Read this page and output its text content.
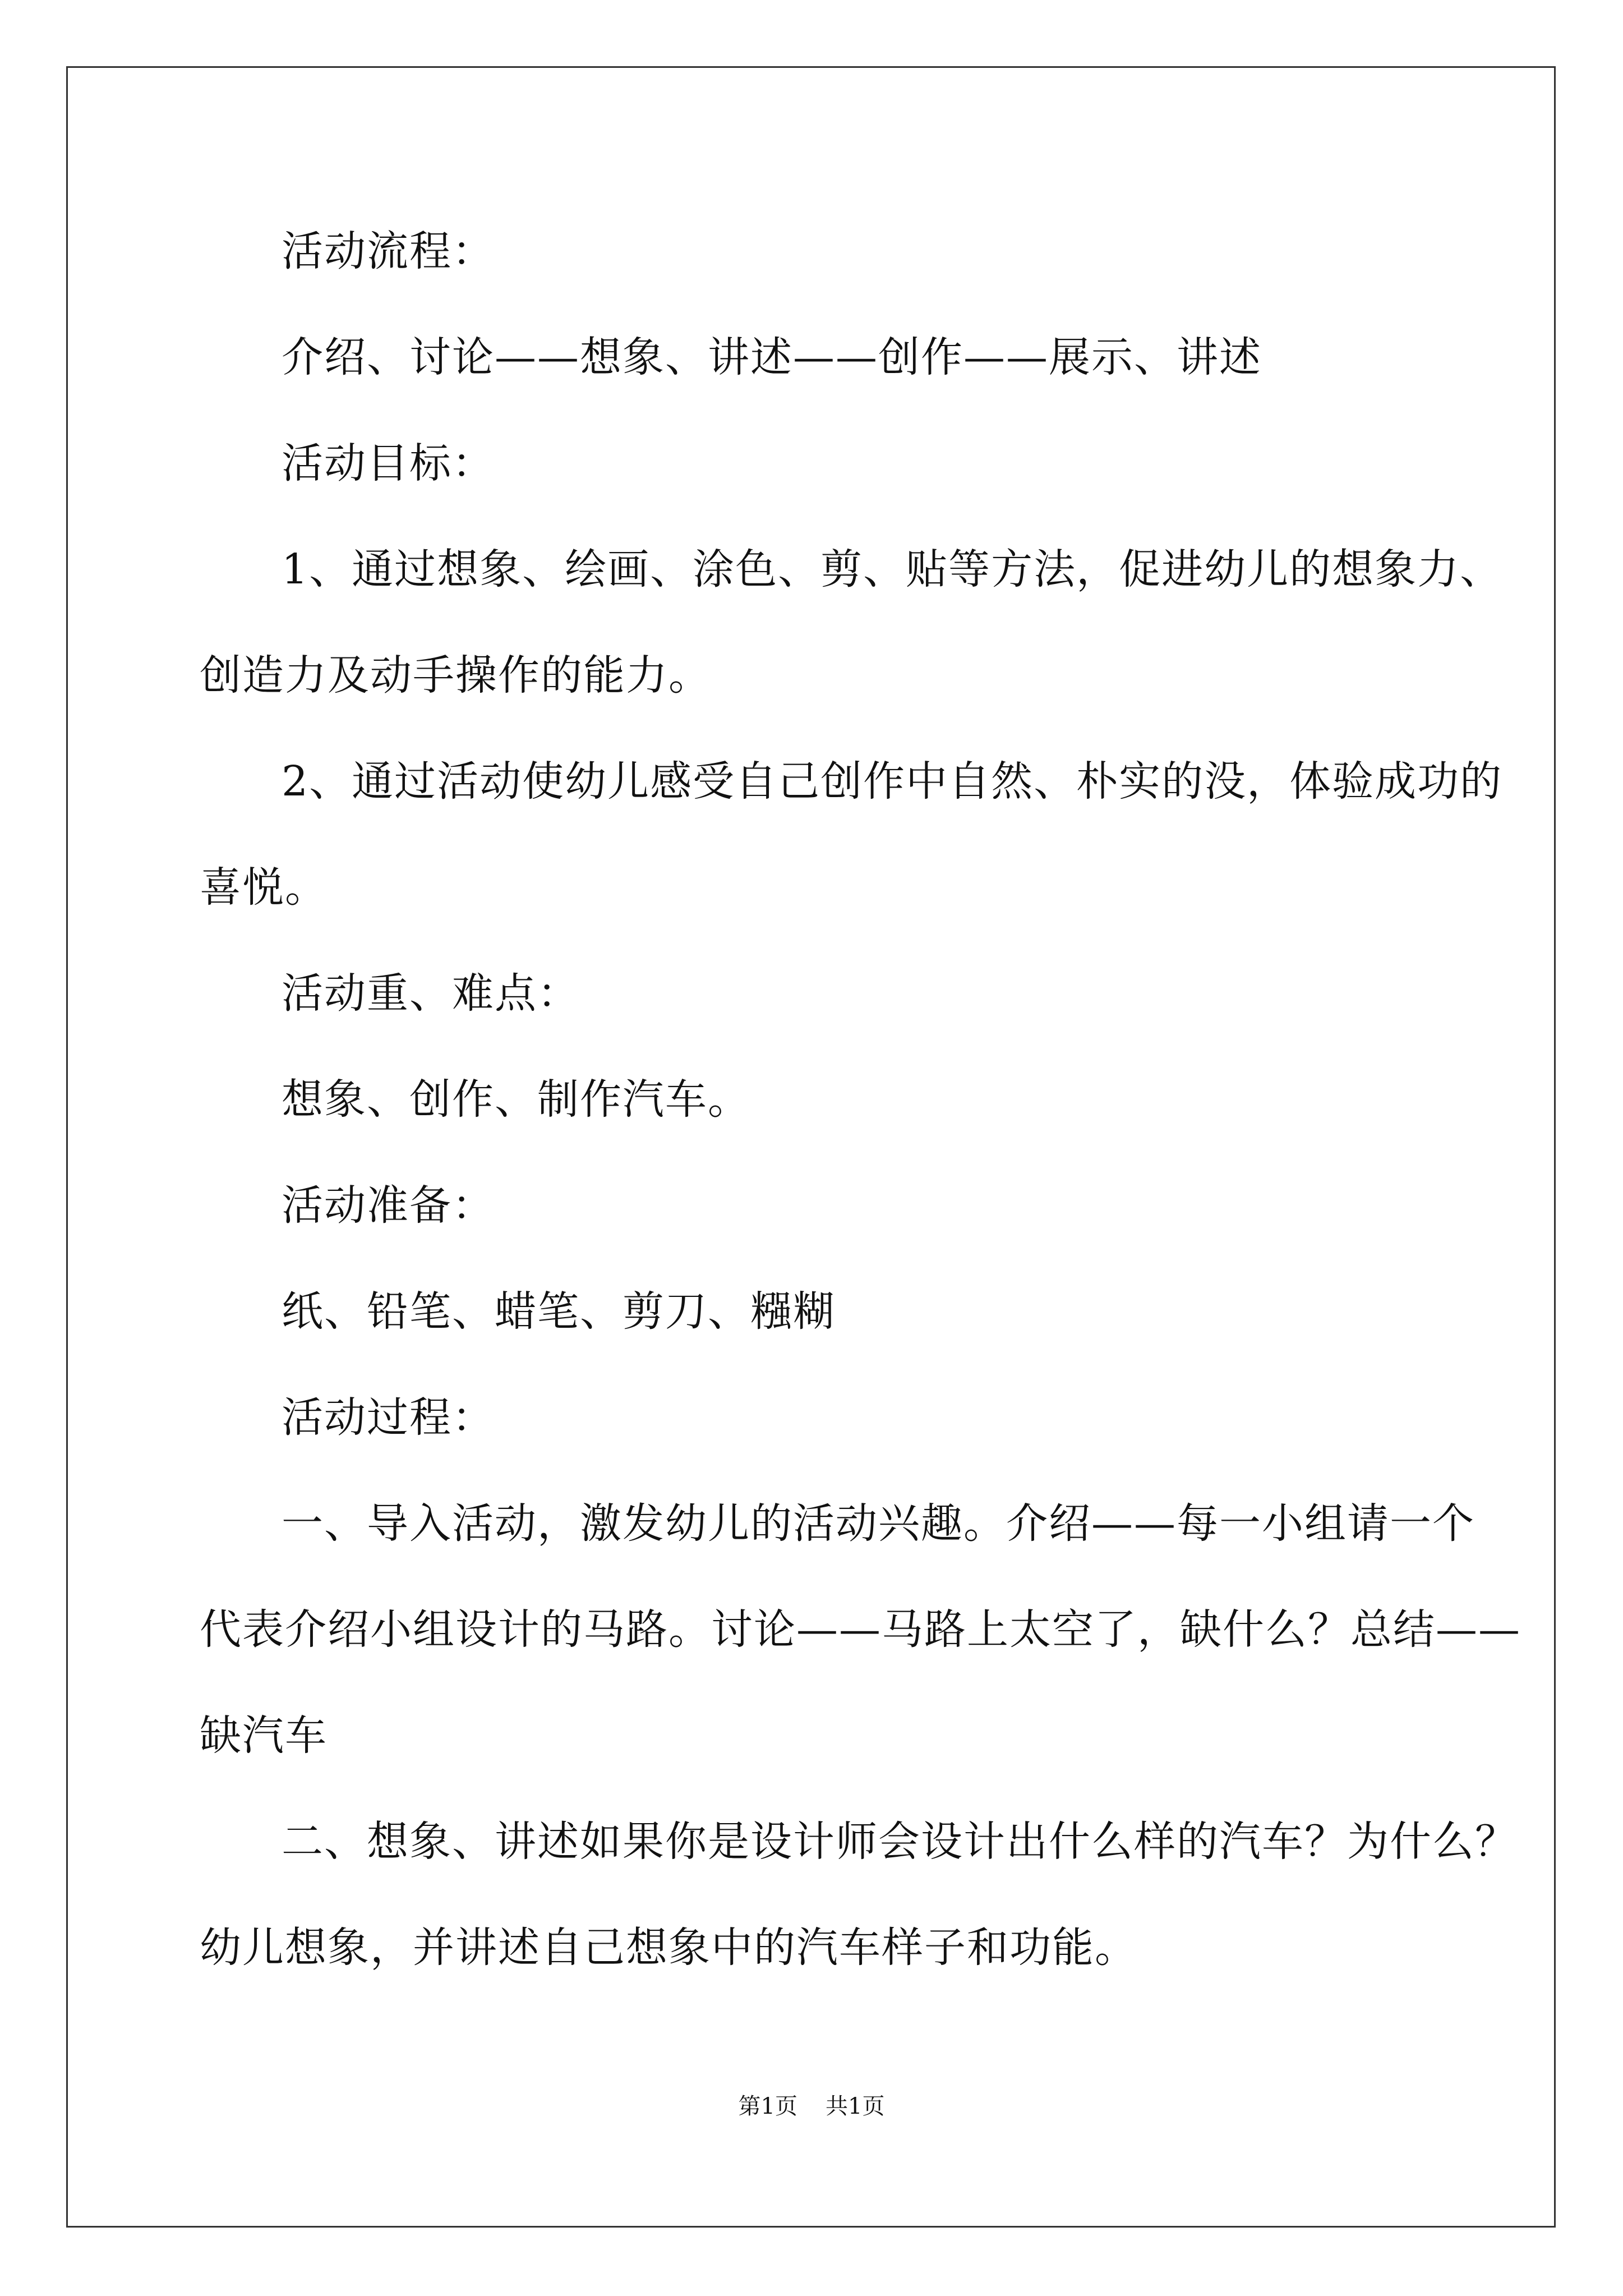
活动流程：
介绍、讨论——想象、讲述——创作——展示、讲述
活动目标：
1、通过想象、绘画、涂色、剪、贴等方法，促进幼儿的想象力、
创造力及动手操作的能力。
2、通过活动使幼儿感受自己创作中自然、朴实的没，体验成功的
喜悦。
活动重、难点：
想象、创作、制作汽车。
活动准备：
纸、铅笔、蜡笔、剪刀、糨糊
活动过程：
一、导入活动，激发幼儿的活动兴趣。介绍——每一小组请一个
代表介绍小组设计的马路。讨论——马路上太空了，缺什么？总结——
缺汽车
二、想象、讲述如果你是设计师会设计出什么样的汽车？为什么？
幼儿想象，并讲述自己想象中的汽车样子和功能。
第1页 共1页
